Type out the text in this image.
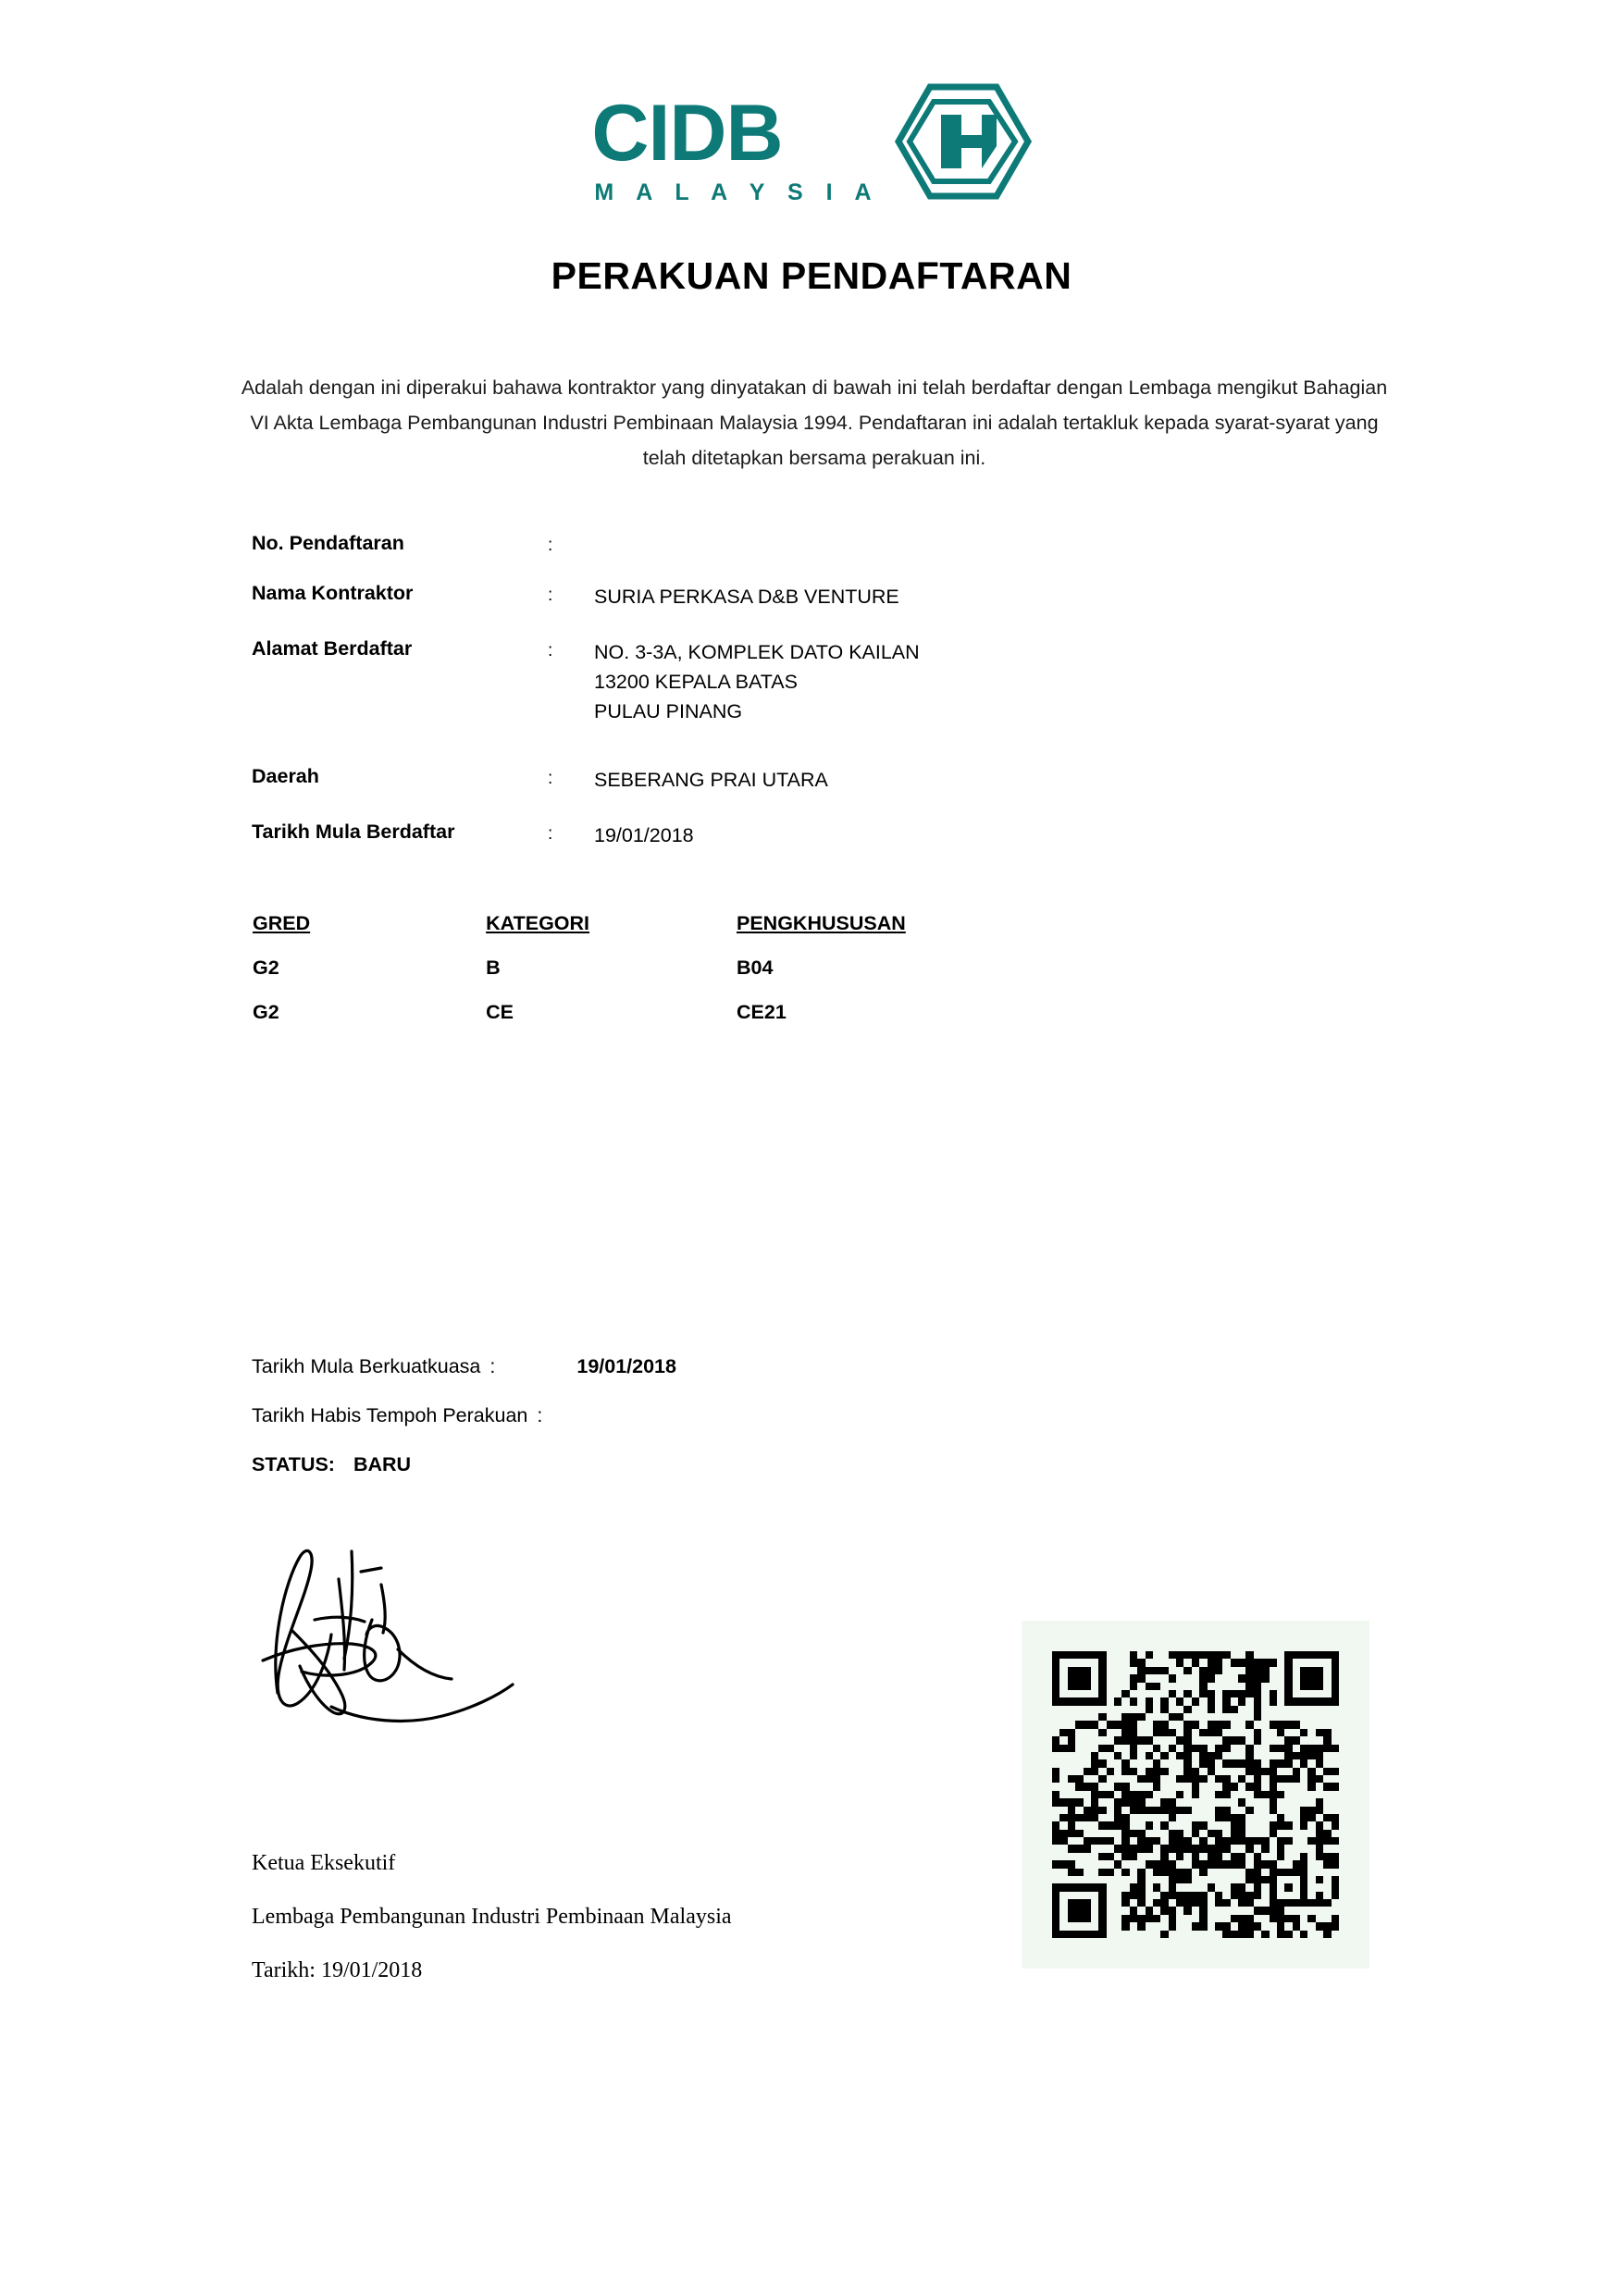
CIDB
M A L A Y S I A
PERAKUAN PENDAFTARAN
Adalah dengan ini diperakui bahawa kontraktor yang dinyatakan di bawah ini telah berdaftar dengan Lembaga mengikut Bahagian VI Akta Lembaga Pembangunan Industri Pembinaan Malaysia 1994. Pendaftaran ini adalah tertakluk kepada syarat-syarat yang telah ditetapkan bersama perakuan ini.
No. Pendaftaran	:
Nama Kontraktor	:	SURIA PERKASA D&B VENTURE
Alamat Berdaftar	:	NO. 3-3A, KOMPLEK DATO KAILAN
13200 KEPALA BATAS
PULAU PINANG
Daerah	:	SEBERANG PRAI UTARA
Tarikh Mula Berdaftar	:	19/01/2018
GRED	KATEGORI	PENGKHUSUSAN
G2	B	B04
G2	CE	CE21
Tarikh Mula Berkuatkuasa :	19/01/2018
Tarikh Habis Tempoh Perakuan :
STATUS: BARU
Ketua Eksekutif
Lembaga Pembangunan Industri Pembinaan Malaysia
Tarikh: 19/01/2018
